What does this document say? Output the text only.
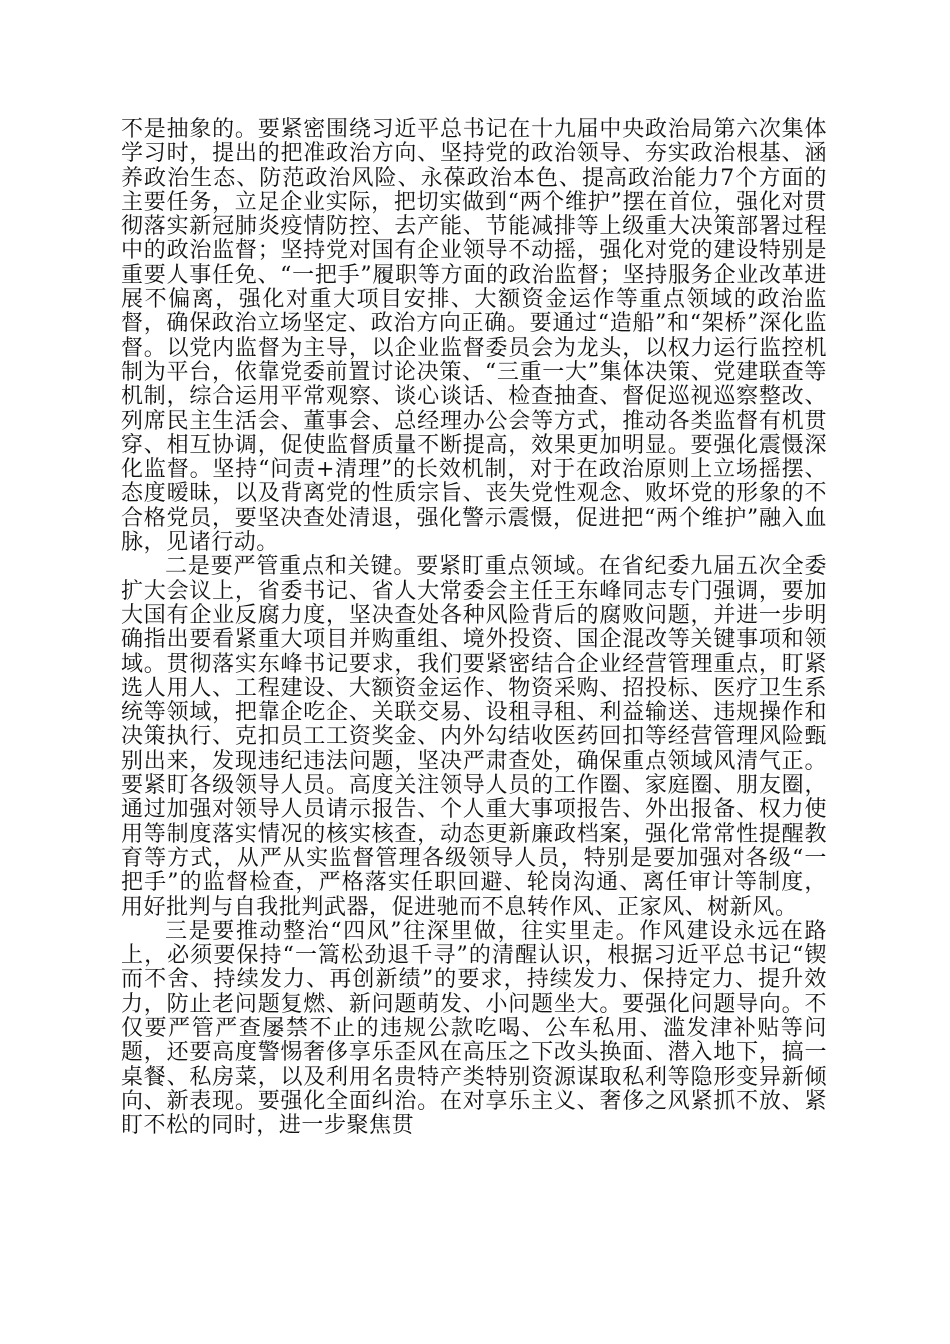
不是抽象的。要紧密围绕习近平总书记在十九届中央政治局第六次集体学习时，提出的把准政治方向、坚持党的政治领导、夯实政治根基、涵养政治生态、防范政治风险、永葆政治本色、提高政治能力7个方面的主要任务，立足企业实际，把切实做到“两个维护”摆在首位，强化对贯彻落实新冠肺炎疫情防控、去产能、节能减排等上级重大决策部署过程中的政治监督；坚持党对国有企业领导不动摇，强化对党的建设特别是重要人事任免、“一把手”履职等方面的政治监督；坚持服务企业改革进展不偏离，强化对重大项目安排、大额资金运作等重点领域的政治监督，确保政治立场坚定、政治方向正确。要通过“造船”和“架桥”深化监督。以党内监督为主导，以企业监督委员会为龙头，以权力运行监控机制为平台，依靠党委前置讨论决策、“三重一大”集体决策、党建联查等机制，综合运用平常观察、谈心谈话、检查抽查、督促巡视巡察整改、列席民主生活会、董事会、总经理办公会等方式，推动各类监督有机贯穿、相互协调，促使监督质量不断提高，效果更加明显。要强化震慑深化监督。坚持“问责+清理”的长效机制，对于在政治原则上立场摇摆、态度暧昧，以及背离党的性质宗旨、丧失党性观念、败坏党的形象的不合格党员，要坚决查处清退，强化警示震慑，促进把“两个维护”融入血脉，见诸行动。

二是要严管重点和关键。要紧盯重点领域。在省纪委九届五次全委扩大会议上，省委书记、省人大常委会主任王东峰同志专门强调，要加大国有企业反腐力度，坚决查处各种风险背后的腐败问题，并进一步明确指出要看紧重大项目并购重组、境外投资、国企混改等关键事项和领域。贯彻落实东峰书记要求，我们要紧密结合企业经营管理重点，盯紧选人用人、工程建设、大额资金运作、物资采购、招投标、医疗卫生系统等领域，把靠企吃企、关联交易、设租寻租、利益输送、违规操作和决策执行、克扣员工工资奖金、内外勾结收医药回扣等经营管理风险甄别出来，发现违纪违法问题，坚决严肃查处，确保重点领域风清气正。要紧盯各级领导人员。高度关注领导人员的工作圈、家庭圈、朋友圈，通过加强对领导人员请示报告、个人重大事项报告、外出报备、权力使用等制度落实情况的核实核查，动态更新廉政档案，强化常常性提醒教育等方式，从严从实监督管理各级领导人员，特别是要加强对各级“一把手”的监督检查，严格落实任职回避、轮岗沟通、离任审计等制度，用好批判与自我批判武器，促进驰而不息转作风、正家风、树新风。

三是要推动整治“四风”往深里做，往实里走。作风建设永远在路上，必须要保持“一篙松劲退千寻”的清醒认识，根据习近平总书记“锲而不舍、持续发力、再创新绩”的要求，持续发力、保持定力、提升效力，防止老问题复燃、新问题萌发、小问题坐大。要强化问题导向。不仅要严管严查屡禁不止的违规公款吃喝、公车私用、滥发津补贴等问题，还要高度警惕奢侈享乐歪风在高压之下改头换面、潜入地下，搞一桌餐、私房菜，以及利用名贵特产类特别资源谋取私利等隐形变异新倾向、新表现。要强化全面纠治。在对享乐主义、奢侈之风紧抓不放、紧盯不松的同时，进一步聚焦贯
